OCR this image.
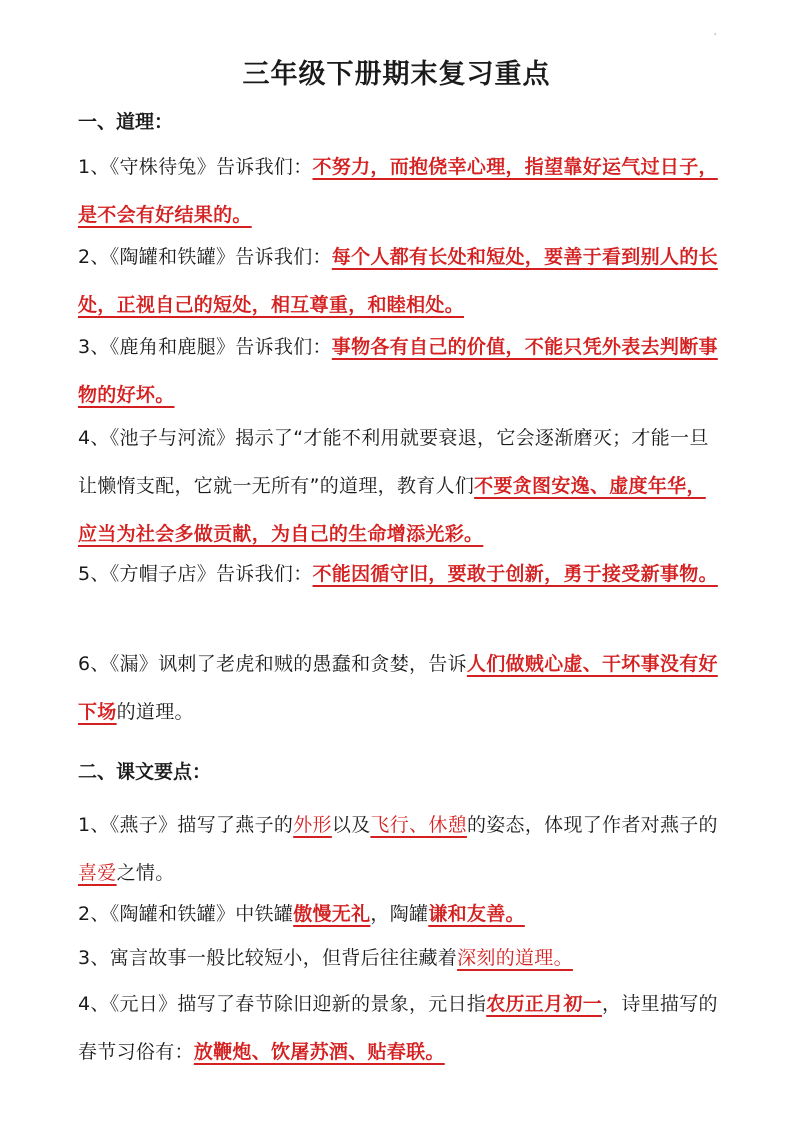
'
三年级下册期末复习重点
一、道理：

1、《守株待兔》告诉我们：不努力，而抱侥幸心理，指望靠好运气过日子，是不会有好结果的。

2、《陶罐和铁罐》告诉我们：每个人都有长处和短处，要善于看到别人的长处，正视自己的短处，相互尊重，和睦相处。

3、《鹿角和鹿腿》告诉我们：事物各有自己的价值，不能只凭外表去判断事物的好坏。

4、《池子与河流》揭示了“才能不利用就要衰退，它会逐渐磨灭；才能一旦让懒惰支配，它就一无所有”的道理，教育人们不要贪图安逸、虚度年华，应当为社会多做贡献，为自己的生命增添光彩。

5、《方帽子店》告诉我们：不能因循守旧，要敢于创新，勇于接受新事物。

6、《漏》讽刺了老虎和贼的愚蠢和贪婪，告诉人们做贼心虚、干坏事没有好下场的道理。

二、课文要点：

1、《燕子》描写了燕子的外形以及飞行、休憩的姿态，体现了作者对燕子的喜爱之情。

2、《陶罐和铁罐》中铁罐傲慢无礼，陶罐谦和友善。

3、寓言故事一般比较短小，但背后往往藏着深刻的道理。

4、《元日》描写了春节除旧迎新的景象，元日指农历正月初一，诗里描写的春节习俗有：放鞭炮、饮屠苏酒、贴春联。
